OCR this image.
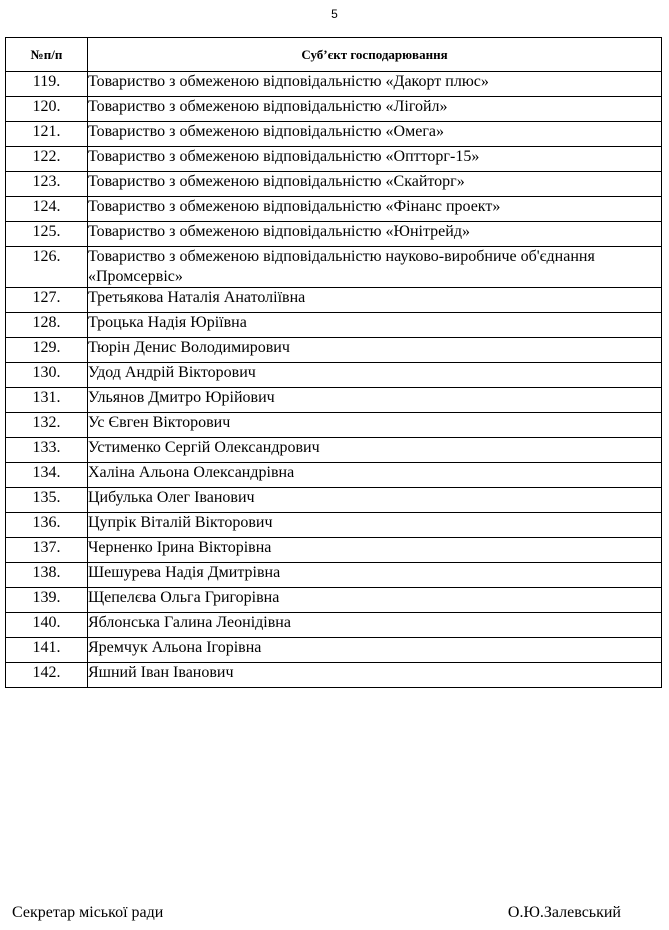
5
№п/п	Суб’єкт господарювання
119.	Товариство з обмеженою відповідальністю «Дакорт плюс»
120.	Товариство з обмеженою відповідальністю «Лігойл»
121.	Товариство з обмеженою відповідальністю «Омега»
122.	Товариство з обмеженою відповідальністю «Оптторг-15»
123.	Товариство з обмеженою відповідальністю «Скайторг»
124.	Товариство з обмеженою відповідальністю «Фінанс проект»
125.	Товариство з обмеженою відповідальністю «Юнітрейд»
126.	Товариство з обмеженою відповідальністю науково-виробниче об'єднання «Промсервіс»
127.	Третьякова Наталія Анатоліївна
128.	Троцька Надія Юріївна
129.	Тюрін Денис Володимирович
130.	Удод Андрій Вікторович
131.	Ульянов Дмитро Юрійович
132.	Ус Євген Вікторович
133.	Устименко Сергій Олександрович
134.	Халіна Альона Олександрівна
135.	Цибулька Олег Іванович
136.	Цупрік Віталій Вікторович
137.	Черненко Ірина Вікторівна
138.	Шешурева Надія Дмитрівна
139.	Щепелєва Ольга Григорівна
140.	Яблонська Галина Леонідівна
141.	Яремчук Альона Ігорівна
142.	Яшний Іван Іванович
Секретар міської ради	О.Ю.Залевський
